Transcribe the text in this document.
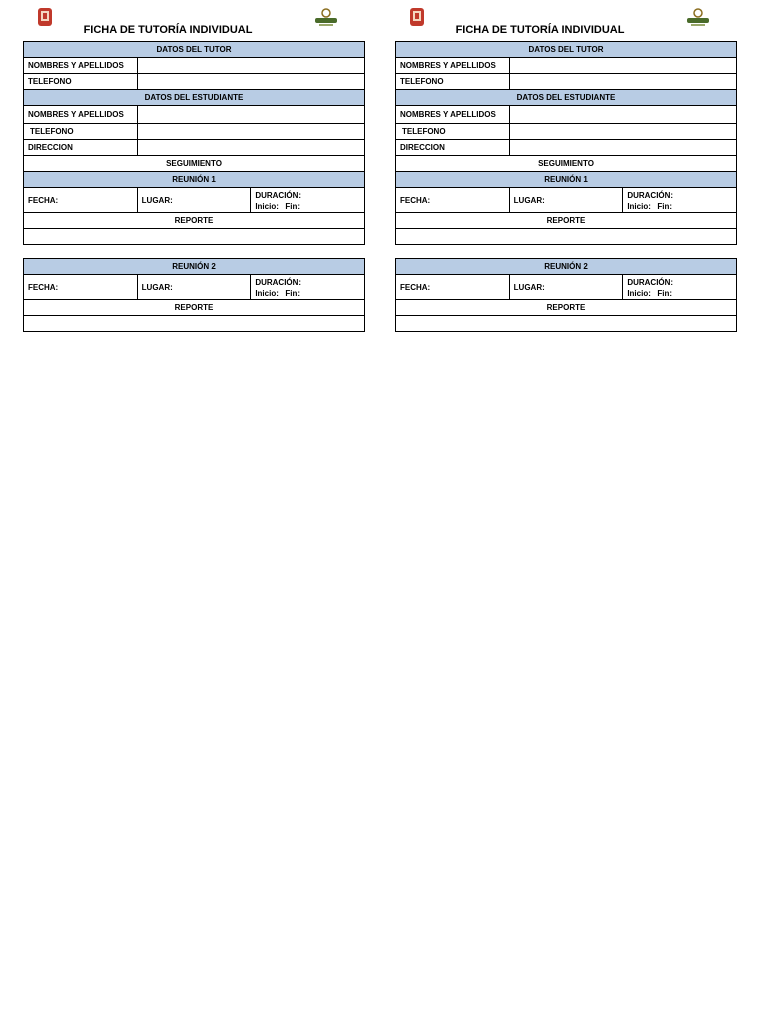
FICHA DE TUTORÍA INDIVIDUAL
DATOS DEL TUTOR		
NOMBRES Y APELLIDOS		
TELEFONO		
DATOS DEL ESTUDIANTE		
NOMBRES Y APELLIDOS		
TELEFONO		
DIRECCION		
SEGUIMIENTO		
REUNIÓN 1		
FECHA:	LUGAR:	DURACIÓN:
Inicio: Fin:

REPORTE		

REUNIÓN 2
FECHA:	LUGAR:	
DURACIÓN:
Inicio: Fin:

REPORTE

FICHA DE TUTORÍA INDIVIDUAL
DATOS DEL TUTOR		
NOMBRES Y APELLIDOS		
TELEFONO		
DATOS DEL ESTUDIANTE		
NOMBRES Y APELLIDOS		
TELEFONO		
DIRECCION		
SEGUIMIENTO		
REUNIÓN 1		
FECHA:	LUGAR:	DURACIÓN:
Inicio: Fin:

REPORTE		

REUNIÓN 2
FECHA:	LUGAR:	
DURACIÓN:
Inicio: Fin:

REPORTE
